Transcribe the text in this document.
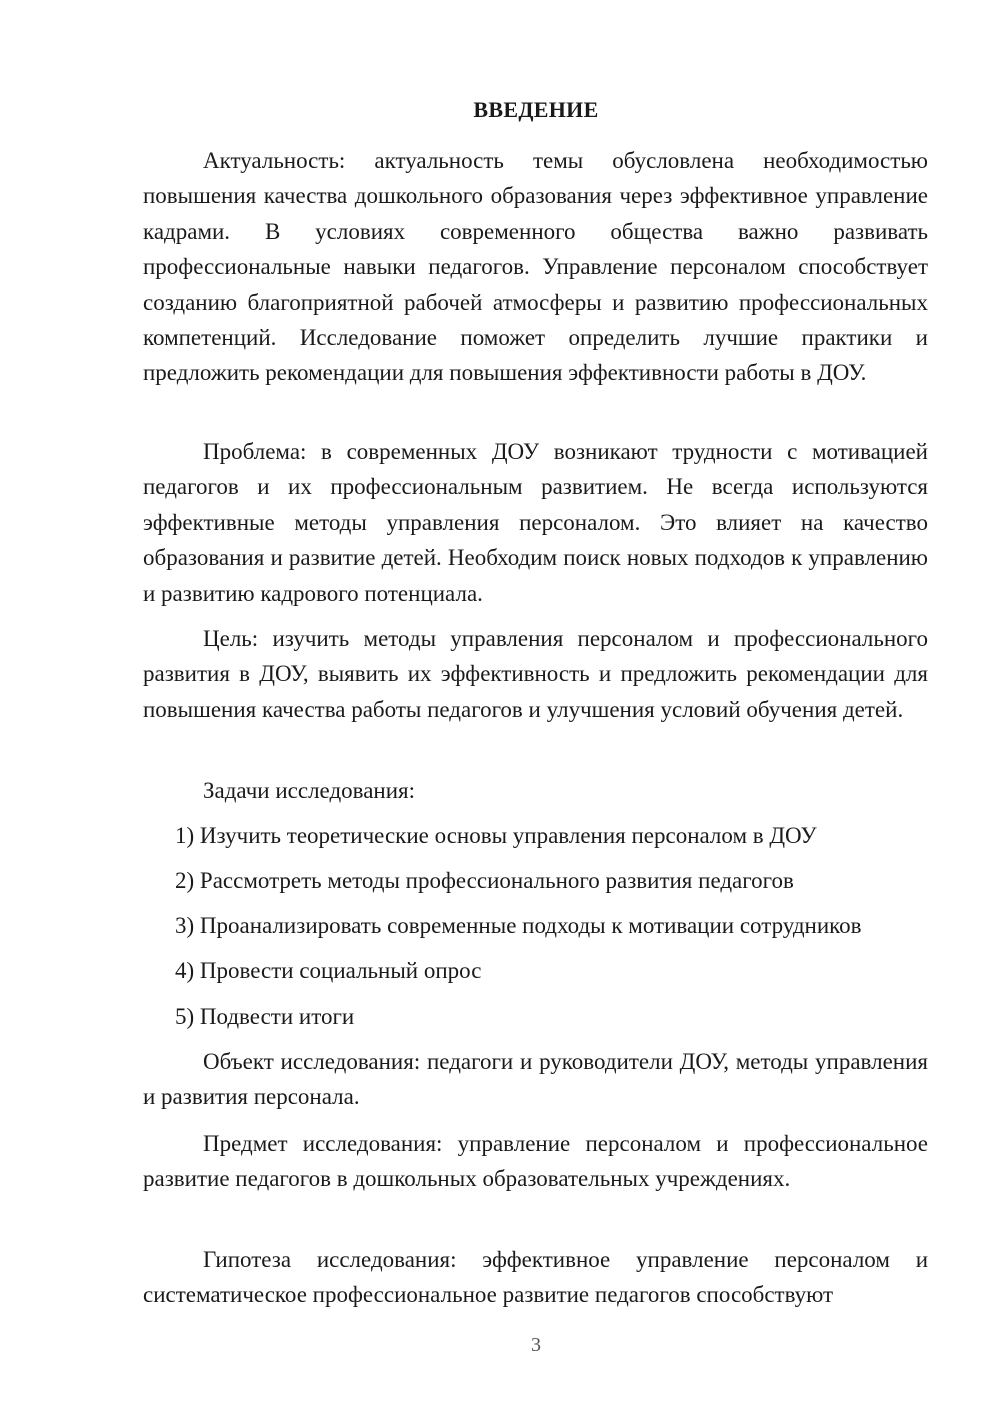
ВВЕДЕНИЕ

Актуальность: актуальность темы обусловлена необходимостью повышения качества дошкольного образования через эффективное управление кадрами. В условиях современного общества важно развивать профессиональные навыки педагогов. Управление персоналом способствует созданию благоприятной рабочей атмосферы и развитию профессиональных компетенций. Исследование поможет определить лучшие практики и предложить рекомендации для повышения эффективности работы в ДОУ.

Проблема: в современных ДОУ возникают трудности с мотивацией педагогов и их профессиональным развитием. Не всегда используются эффективные методы управления персоналом. Это влияет на качество образования и развитие детей. Необходим поиск новых подходов к управлению и развитию кадрового потенциала.

Цель: изучить методы управления персоналом и профессионального развития в ДОУ, выявить их эффективность и предложить рекомендации для повышения качества работы педагогов и улучшения условий обучения детей.

Задачи исследования:

1) Изучить теоретические основы управления персоналом в ДОУ

2) Рассмотреть методы профессионального развития педагогов

3) Проанализировать современные подходы к мотивации сотрудников

4) Провести социальный опрос

5) Подвести итоги

Объект исследования: педагоги и руководители ДОУ, методы управления и развития персонала.

Предмет исследования: управление персоналом и профессиональное развитие педагогов в дошкольных образовательных учреждениях.

Гипотеза исследования: эффективное управление персоналом и систематическое профессиональное развитие педагогов способствуют

3
